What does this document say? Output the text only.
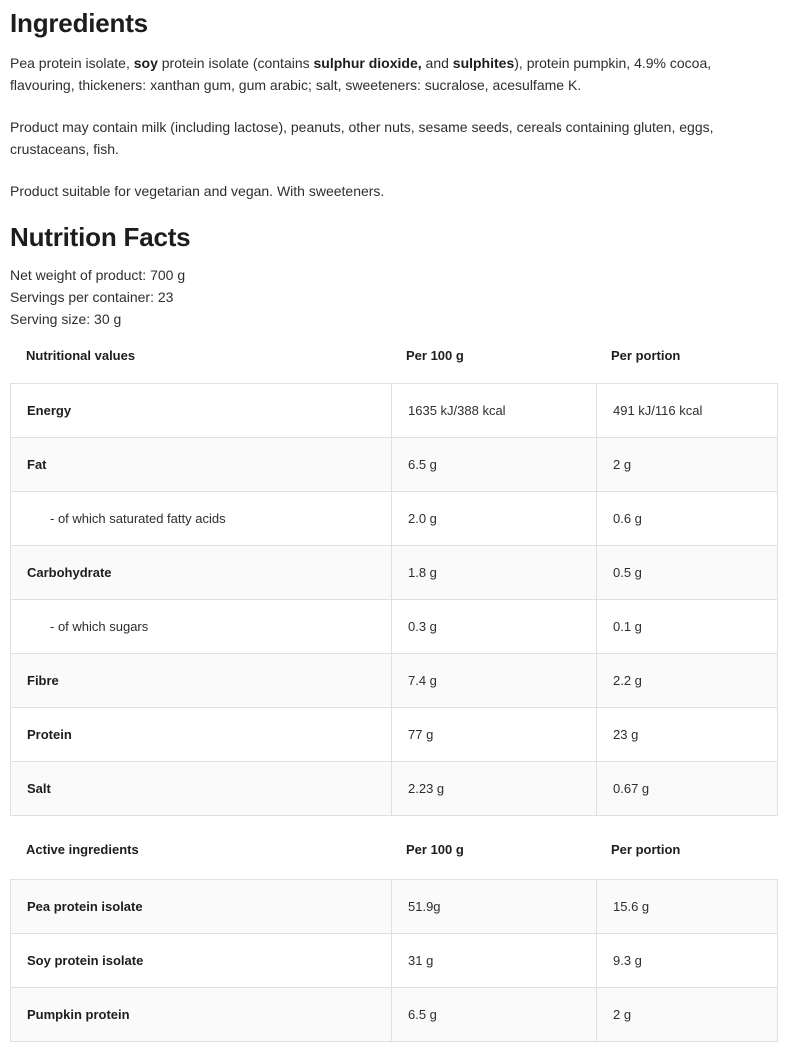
Ingredients

Pea protein isolate, soy protein isolate (contains sulphur dioxide, and sulphites), protein pumpkin, 4.9% cocoa, flavouring, thickeners: xanthan gum, gum arabic; salt, sweeteners: sucralose, acesulfame K.

Product may contain milk (including lactose), peanuts, other nuts, sesame seeds, cereals containing gluten, eggs, crustaceans, fish.

Product suitable for vegetarian and vegan. With sweeteners.

Nutrition Facts
Net weight of product: 700 g
Servings per container: 23
Serving size: 30 g
Nutritional values	Per 100 g	Per portion
Energy	1635 kJ/388 kcal	491 kJ/116 kcal
Fat	6.5 g	2 g
- of which saturated fatty acids	2.0 g	0.6 g
Carbohydrate	1.8 g	0.5 g
- of which sugars	0.3 g	0.1 g
Fibre	7.4 g	2.2 g
Protein	77 g	23 g
Salt	2.23 g	0.67 g
Active ingredients	Per 100 g	Per portion
Pea protein isolate	51.9g	15.6 g
Soy protein isolate	31 g	9.3 g
Pumpkin protein	6.5 g	2 g
